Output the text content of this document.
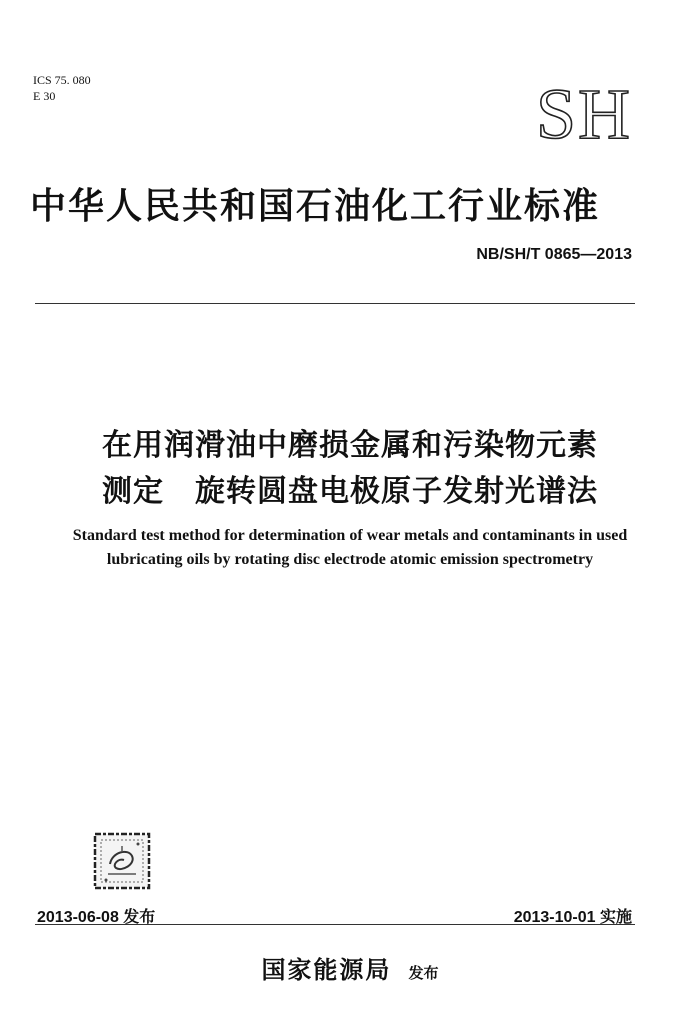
ICS 75. 080
E 30	SH
中华人民共和国石油化工行业标准
NB/SH/T 0865—2013
在用润滑油中磨损金属和污染物元素
测定　旋转圆盘电极原子发射光谱法
Standard test method for determination of wear metals and contaminants in used
lubricating oils by rotating disc electrode atomic emission spectrometry
2013-06-08 发布	2013-10-01 实施
国家能源局 发布
